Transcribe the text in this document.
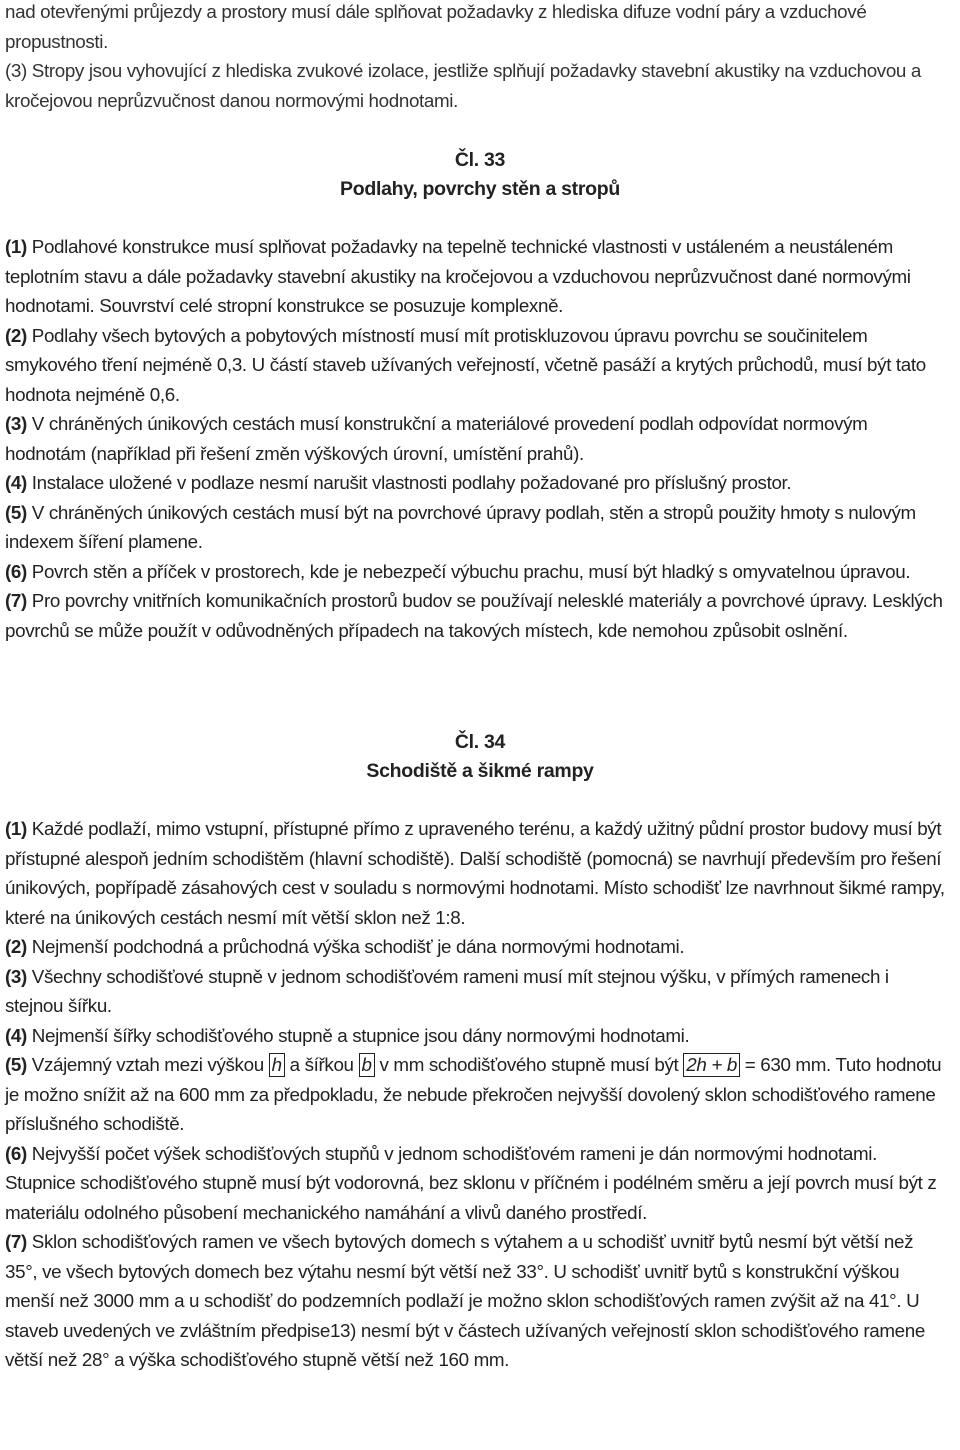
nad otevřenými průjezdy a prostory musí dále splňovat požadavky z hlediska difuze vodní páry a vzduchové propustnosti.

(3) Stropy jsou vyhovující z hlediska zvukové izolace, jestliže splňují požadavky stavební akustiky na vzduchovou a kročejovou neprůzvučnost danou normovými hodnotami.

Čl. 33

Podlahy, povrchy stěn a stropů

(1) Podlahové konstrukce musí splňovat požadavky na tepelně technické vlastnosti v ustáleném a neustáleném teplotním stavu a dále požadavky stavební akustiky na kročejovou a vzduchovou neprůzvučnost dané normovými hodnotami. Souvrství celé stropní konstrukce se posuzuje komplexně.

(2) Podlahy všech bytových a pobytových místností musí mít protiskluzovou úpravu povrchu se součinitelem smykového tření nejméně 0,3. U částí staveb užívaných veřejností, včetně pasáží a krytých průchodů, musí být tato hodnota nejméně 0,6.

(3) V chráněných únikových cestách musí konstrukční a materiálové provedení podlah odpovídat normovým hodnotám (například při řešení změn výškových úrovní, umístění prahů).

(4) Instalace uložené v podlaze nesmí narušit vlastnosti podlahy požadované pro příslušný prostor.

(5) V chráněných únikových cestách musí být na povrchové úpravy podlah, stěn a stropů použity hmoty s nulovým indexem šíření plamene.

(6) Povrch stěn a příček v prostorech, kde je nebezpečí výbuchu prachu, musí být hladký s omyvatelnou úpravou.

(7) Pro povrchy vnitřních komunikačních prostorů budov se používají nelesklé materiály a povrchové úpravy. Lesklých povrchů se může použít v odůvodněných případech na takových místech, kde nemohou způsobit oslnění.

Čl. 34

Schodiště a šikmé rampy

(1) Každé podlaží, mimo vstupní, přístupné přímo z upraveného terénu, a každý užitný půdní prostor budovy musí být přístupné alespoň jedním schodištěm (hlavní schodiště). Další schodiště (pomocná) se navrhují především pro řešení únikových, popřípadě zásahových cest v souladu s normovými hodnotami. Místo schodišť lze navrhnout šikmé rampy, které na únikových cestách nesmí mít větší sklon než 1:8.

(2) Nejmenší podchodná a průchodná výška schodišť je dána normovými hodnotami.

(3) Všechny schodišťové stupně v jednom schodišťovém rameni musí mít stejnou výšku, v přímých ramenech i stejnou šířku.

(4) Nejmenší šířky schodišťového stupně a stupnice jsou dány normovými hodnotami.

(5) Vzájemný vztah mezi výškou h a šířkou b v mm schodišťového stupně musí být 2h + b = 630 mm. Tuto hodnotu je možno snížit až na 600 mm za předpokladu, že nebude překročen nejvyšší dovolený sklon schodišťového ramene příslušného schodiště.

(6) Nejvyšší počet výšek schodišťových stupňů v jednom schodišťovém rameni je dán normovými hodnotami. Stupnice schodišťového stupně musí být vodorovná, bez sklonu v příčném i podélném směru a její povrch musí být z materiálu odolného působení mechanického namáhání a vlivů daného prostředí.

(7) Sklon schodišťových ramen ve všech bytových domech s výtahem a u schodišť uvnitř bytů nesmí být větší než 35°, ve všech bytových domech bez výtahu nesmí být větší než 33°. U schodišť uvnitř bytů s konstrukční výškou menší než 3000 mm a u schodišť do podzemních podlaží je možno sklon schodišťových ramen zvýšit až na 41°. U staveb uvedených ve zvláštním předpise13) nesmí být v částech užívaných veřejností sklon schodišťového ramene větší než 28° a výška schodišťového stupně větší než 160 mm.
